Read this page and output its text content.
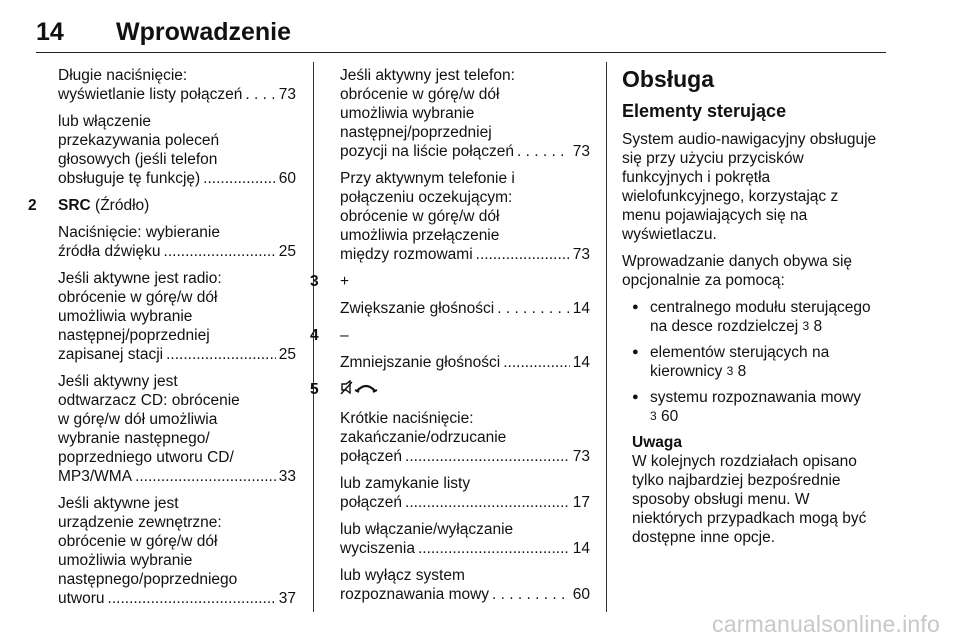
14 Wprowadzenie
Długie naciśnięcie:
wyświetlanie listy połączeń . . . 73
lub włączenie
przekazywania poleceń
głosowych (jeśli telefon
obsługuje tę funkcję) .....	60
2 SRC (Źródło)
Naciśnięcie: wybieranie
źródła dźwięku .....	25
Jeśli aktywne jest radio:
obrócenie w górę/w dół
umożliwia wybranie
następnej/poprzedniej
zapisanej stacji .....	25
Jeśli aktywny jest
odtwarzacz CD: obrócenie
w górę/w dół umożliwia
wybranie następnego/
poprzedniego utworu CD/
MP3/WMA .....	33
Jeśli aktywne jest
urządzenie zewnętrzne:
obrócenie w górę/w dół
umożliwia wybranie
następnego/poprzedniego
utworu .....	37
Jeśli aktywny jest telefon:
obrócenie w górę/w dół
umożliwia wybranie
następnej/poprzedniej
pozycji na liście połączeń . . .	73
Przy aktywnym telefonie i
połączeniu oczekującym:
obrócenie w górę/w dół
umożliwia przełączenie
między rozmowami .....	73
3 +
Zwiększanie głośności . . .	14
4 –
Zmniejszanie głośności .....	14
5
Krótkie naciśnięcie:
zakańczanie/odrzucanie
połączeń .....	73
lub zamykanie listy
połączeń .....	17
lub włączanie/wyłączanie
wyciszenia .....	14
lub wyłącz system
rozpoznawania mowy . . .	60
Obsługa
Elementy sterujące
System audio-nawigacyjny obsługuje
się przy użyciu przycisków
funkcyjnych i pokrętła
wielofunkcyjnego, korzystając z
menu pojawiających się na
wyświetlaczu.
Wprowadzanie danych obywa się
opcjonalnie za pomocą:
● centralnego modułu sterującego
na desce rozdzielczej 3 8
● elementów sterujących na
kierownicy 3 8
● systemu rozpoznawania mowy
3 60
Uwaga
W kolejnych rozdziałach opisano
tylko najbardziej bezpośrednie
sposoby obsługi menu. W
niektórych przypadkach mogą być
dostępne inne opcje.
carmanualsonline.info
